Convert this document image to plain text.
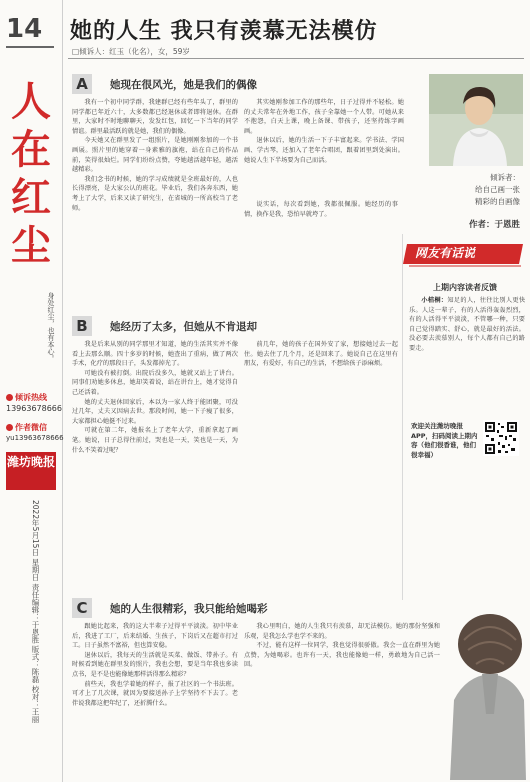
14
人
在
红
尘
身处红尘，也有本心。
倾诉热线
13963678666
作者微信
yu13963678666
潍坊晚报
2022年5月15日 星期日 责任编辑：于恩胜 版式：陈磊 校对：王丽
她的人生 我只有羡慕无法模仿
□倾诉人：红玉（化名），女，59岁
A	她现在很风光，她是我们的偶像

我有一个初中同学群，我建群已经有些年头了，群里的同学都已年近六十，大多数都已经退休或者即将退休。在群里，大家时不时地聊聊天，发发红包，回忆一下当年的同学情谊。群里最活跃的就是她，我们的偶像。

今天她又在群里发了一组照片，是她刚刚参加的一个书画展。照片里的她穿着一身素雅的旗袍，站在自己的作品前，笑得很灿烂。同学们纷纷点赞，夸她越活越年轻，越活越精彩。

我们念书的时候，她的学习成绩就是全班最好的，人也长得漂亮，是大家公认的班花。毕业后，我们各奔东西，她考上了大学，后来又读了研究生，在省城的一所高校当了老师。

其实她刚参加工作的那些年，日子过得并不轻松。她的丈夫常年在外地工作，孩子全靠她一个人带。可她从来不抱怨，白天上课，晚上备课、带孩子，还坚持练字画画。

退休以后，她的生活一下子丰富起来。学书法、学国画、学古琴，还加入了老年合唱团，跟着团里到处演出。她说人生下半场要为自己而活。

说实话，每次看到她，我都很佩服。她经历的事情，换作是我，恐怕早就垮了。

倾诉者：
给自己画一张
精彩的自画像
作者：于恩胜
B	她经历了太多，但她从不肯退却

我是后来从别的同学那里才知道，她的生活其实并不像看上去那么顺。四十多岁的时候，她查出了重病，做了两次手术，化疗的那段日子，头发都掉光了。

可她没有被打倒。出院后没多久，她就又站上了讲台。同事们劝她多休息，她却笑着说，站在讲台上，她才觉得自己还活着。

她的丈夫退休回家后，本以为一家人终于能团聚，可没过几年，丈夫又因病去世。那段时间，她一下子瘦了很多，大家都担心她挺不过来。

可就在第二年，她报名上了老年大学，重新拿起了画笔。她说，日子总得往前过，哭也是一天，笑也是一天，为什么不笑着过呢？

前几年，她的孩子在国外安了家，想接她过去一起住。她去住了几个月，还是回来了。她说自己在这里有朋友，有爱好，有自己的生活，不想给孩子添麻烦。

C	她的人生很精彩，我只能给她喝彩

跟她比起来，我的这大半辈子过得平平淡淡。初中毕业后，我进了工厂，后来结婚、生孩子，下岗后又在超市打过工。日子虽然不富裕，但也算安稳。

退休以后，我每天的生活就是买菜、做饭、带孙子。有时候看到她在群里发的照片，我也会想，要是当年我也多读点书，是不是也能像她那样活得那么精彩？

前些天，我也学着她的样子，报了社区的一个书法班。可才上了几次课，就因为要接送孙子上学坚持不下去了。老伴说我都这把年纪了，还折腾什么。

我心里明白，她的人生我只有羡慕，却无法模仿。她的那份坚强和乐观，是我怎么学也学不来的。

不过，能有这样一位同学，我也觉得很骄傲。我会一直在群里为她点赞，为她喝彩。也许有一天，我也能像她一样，勇敢地为自己活一回。

网友有话说
上期内容读者反馈

小桔桐：知足的人，往往比别人更快乐。人这一辈子，有的人活得轰轰烈烈，有的人活得平平淡淡，不管哪一种，只要自己觉得踏实、舒心，就是最好的活法。没必要去羡慕别人，每个人都有自己的路要走。

欢迎关注潍坊晚报APP，扫码阅读上期内容（他们很香谁，他们很幸福）
